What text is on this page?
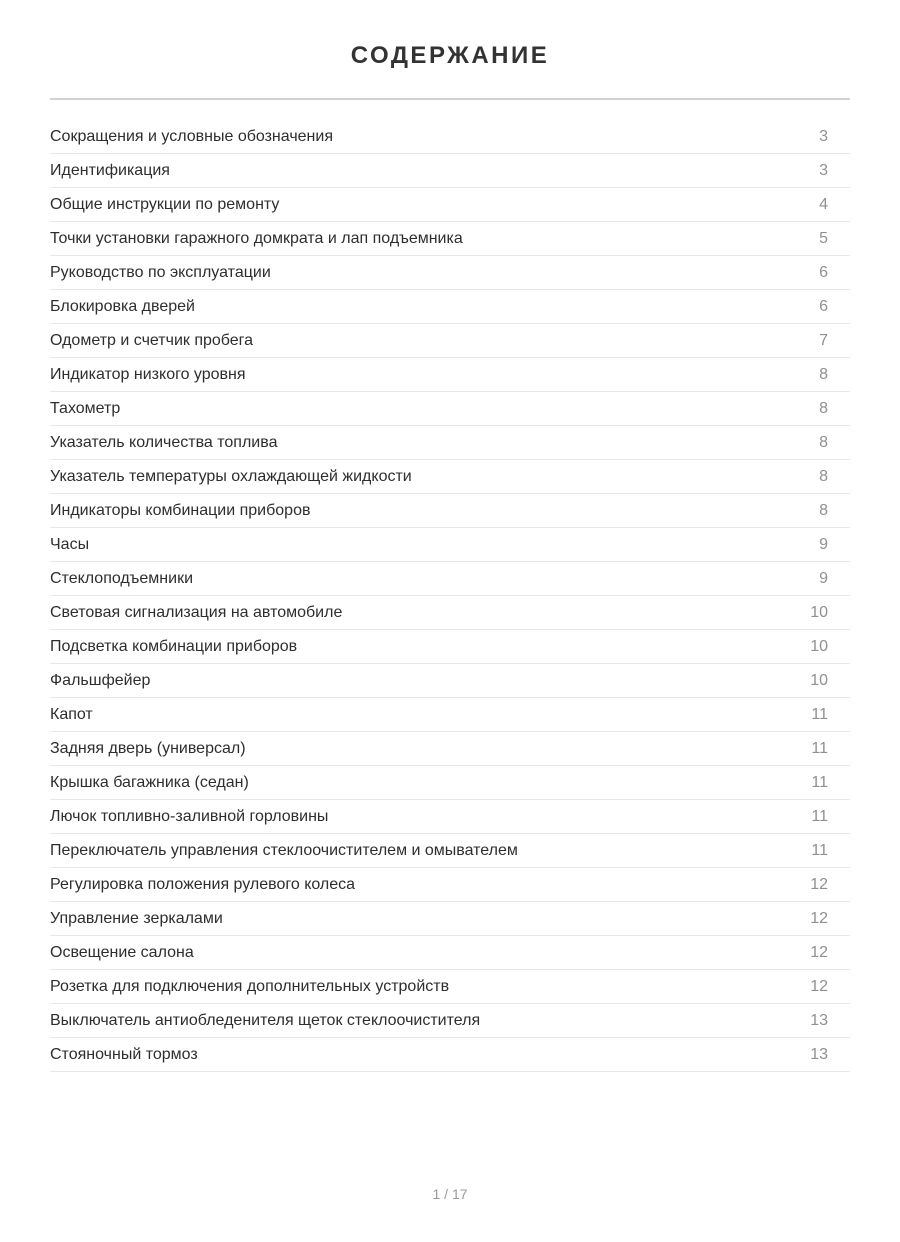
СОДЕРЖАНИЕ
Сокращения и условные обозначения	3
Идентификация	3
Общие инструкции по ремонту	4
Точки установки гаражного домкрата и лап подъемника	5
Руководство по эксплуатации	6
Блокировка дверей	6
Одометр и счетчик пробега	7
Индикатор низкого уровня	8
Тахометр	8
Указатель количества топлива	8
Указатель температуры охлаждающей жидкости	8
Индикаторы комбинации приборов	8
Часы	9
Стеклоподъемники	9
Световая сигнализация на автомобиле	10
Подсветка комбинации приборов	10
Фальшфейер	10
Капот	11
Задняя дверь (универсал)	11
Крышка багажника (седан)	11
Лючок топливно-заливной горловины	11
Переключатель управления стеклоочистителем и омывателем	11
Регулировка положения рулевого колеса	12
Управление зеркалами	12
Освещение салона	12
Розетка для подключения дополнительных устройств	12
Выключатель антиобледенителя щеток стеклоочистителя	13
Стояночный тормоз	13
1 / 17
